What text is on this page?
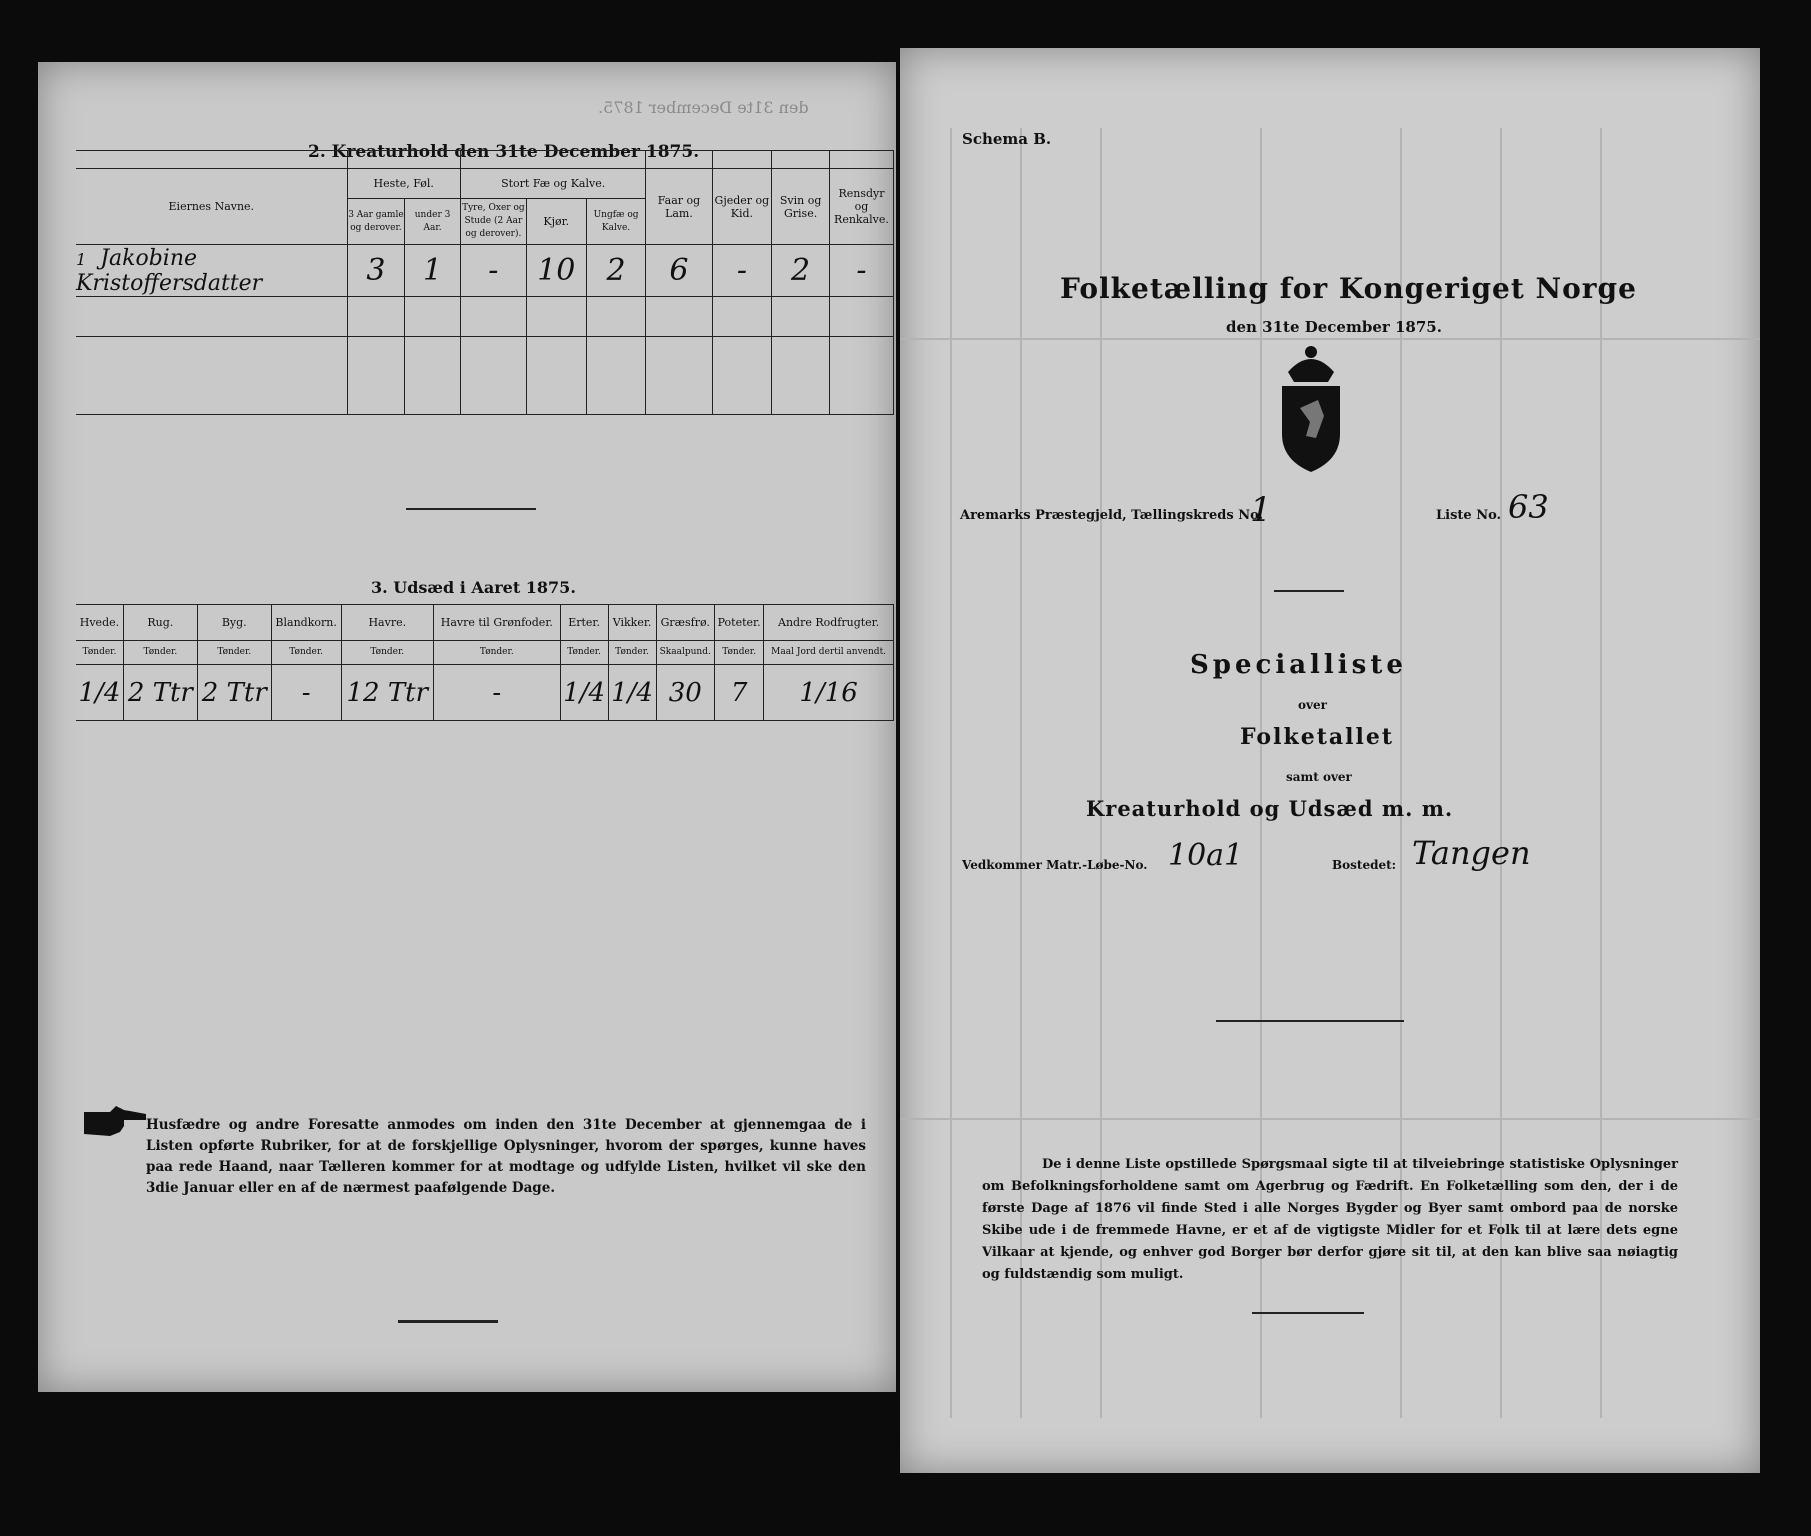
den 31te December 1875.
2. Kreaturhold den 31te December 1875.

Eiernes Navne.	Heste, Føl.		Stort Fæ og Kalve.			Faar og Lam.	Gjeder og Kid.	Svin og Grise.	Rensdyr og Renkalve.
	3 Aar gamle og derover.	under 3 Aar.	Tyre, Oxer og Stude (2 Aar og derover).	Kjør.	Ungfæ og Kalve.				
1 Jakobine Kristoffersdatter	3	1	-	10	2	6	-	2	-

3. Udsæd i Aaret 1875.
Hvede.	Rug.	Byg.	Blandkorn.	Havre.	Havre til Grønfoder.	Erter.	Vikker.	Græsfrø.	Poteter.	Andre Rodfrugter.
Tønder.	Tønder.	Tønder.	Tønder.	Tønder.	Tønder.	Tønder.	Tønder.	Skaalpund.	Tønder.	Maal Jord dertil anvendt.
1/4	2 Ttr	2 Ttr	-	12 Ttr	-	1/4	1/4	30	7	1/16
Husfædre og andre Foresatte anmodes om inden den 31te December at gjennemgaa de i Listen opførte Rubriker, for at de forskjellige Oplysninger, hvorom der spørges, kunne haves paa rede Haand, naar Tælleren kommer for at modtage og udfylde Listen, hvilket vil ske den 3die Januar eller en af de nærmest paafølgende Dage.
Schema B.
Folketælling for Kongeriget Norge
den 31te December 1875.
Aremarks Præstegjeld, Tællingskreds No.
1	Liste No. 63
Specialliste
over
Folketallet
samt over
Kreaturhold og Udsæd m. m.
Vedkommer Matr.-Løbe-No. 10a1	Bostedet: Tangen
De i denne Liste opstillede Spørgsmaal sigte til at tilveiebringe statistiske Oplysninger om Befolkningsforholdene samt om Agerbrug og Fædrift. En Folketælling som den, der i de første Dage af 1876 vil finde Sted i alle Norges Bygder og Byer samt ombord paa de norske Skibe ude i de fremmede Havne, er et af de vigtigste Midler for et Folk til at lære dets egne Vilkaar at kjende, og enhver god Borger bør derfor gjøre sit til, at den kan blive saa nøiagtig og fuldstændig som muligt.
